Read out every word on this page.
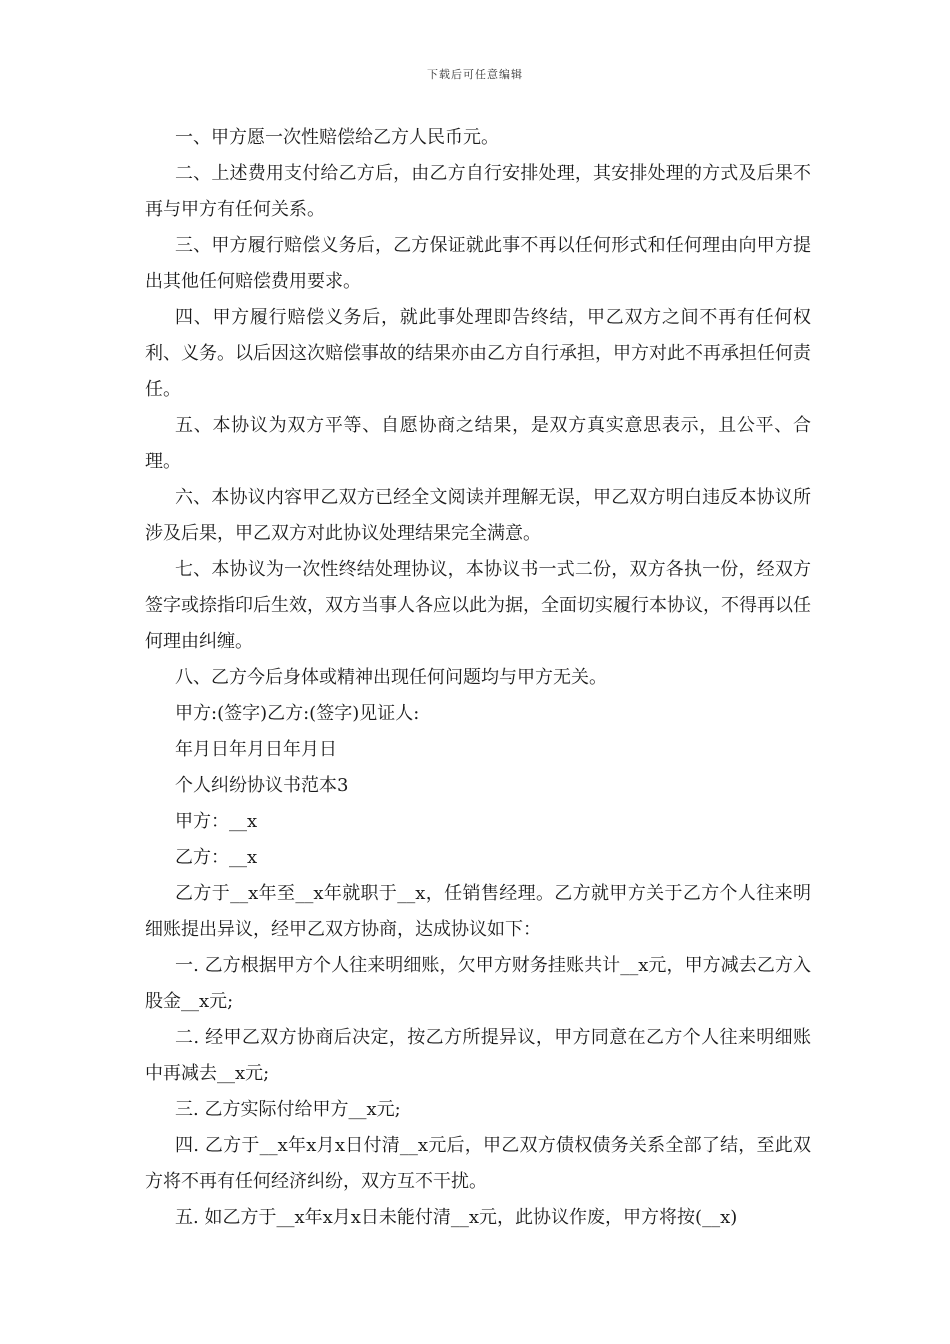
下载后可任意编辑

一、甲方愿一次性赔偿给乙方人民币元。

二、上述费用支付给乙方后，由乙方自行安排处理，其安排处理的方式及后果不再与甲方有任何关系。

三、甲方履行赔偿义务后，乙方保证就此事不再以任何形式和任何理由向甲方提出其他任何赔偿费用要求。

四、甲方履行赔偿义务后，就此事处理即告终结，甲乙双方之间不再有任何权利、义务。以后因这次赔偿事故的结果亦由乙方自行承担，甲方对此不再承担任何责任。

五、本协议为双方平等、自愿协商之结果，是双方真实意思表示，且公平、合理。

六、本协议内容甲乙双方已经全文阅读并理解无误，甲乙双方明白违反本协议所涉及后果，甲乙双方对此协议处理结果完全满意。

七、本协议为一次性终结处理协议，本协议书一式二份，双方各执一份，经双方签字或捺指印后生效，双方当事人各应以此为据，全面切实履行本协议，不得再以任何理由纠缠。

八、乙方今后身体或精神出现任何问题均与甲方无关。

甲方:(签字)乙方:(签字)见证人:

年月日年月日年月日

个人纠纷协议书范本3

甲方：__x

乙方：__x

乙方于__x年至__x年就职于__x，任销售经理。乙方就甲方关于乙方个人往来明细账提出异议，经甲乙双方协商，达成协议如下：

一. 乙方根据甲方个人往来明细账，欠甲方财务挂账共计__x元，甲方减去乙方入股金__x元;

二. 经甲乙双方协商后决定，按乙方所提异议，甲方同意在乙方个人往来明细账中再减去__x元;

三. 乙方实际付给甲方__x元;

四. 乙方于__x年x月x日付清__x元后，甲乙双方债权债务关系全部了结，至此双方将不再有任何经济纠纷，双方互不干扰。

五. 如乙方于__x年x月x日未能付清__x元，此协议作废，甲方将按(__x)
